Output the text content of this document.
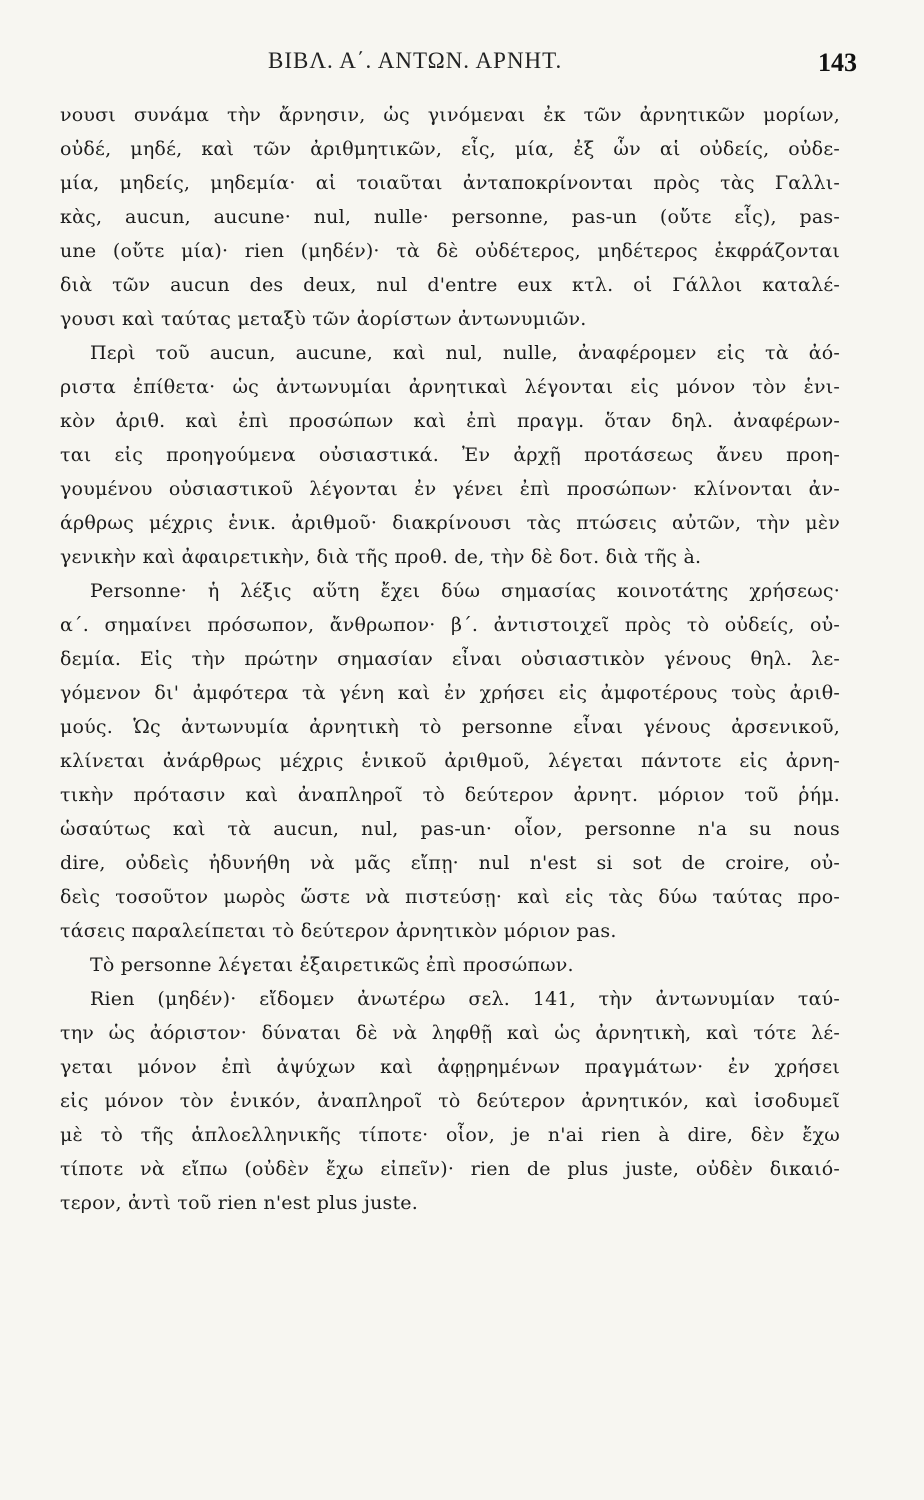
ΒΙΒΛ. Α΄. ΑΝΤΩΝ. ΑΡΝΗΤ.	143
νουσι συνάμα τὴν ἄρνησιν, ὡς γινόμεναι ἐκ τῶν ἀρνητικῶν μορίων,
οὐδέ, μηδέ, καὶ τῶν ἀριθμητικῶν, εἷς, μία, ἐξ ὧν αἱ οὐδείς, οὐδε-
μία, μηδείς, μηδεμία· αἱ τοιαῦται ἀνταποκρίνονται πρὸς τὰς Γαλλι-
κὰς, aucun, aucune· nul, nulle· personne, pas-un (οὔτε εἷς), pas-
une (οὔτε μία)· rien (μηδέν)· τὰ δὲ οὐδέτερος, μηδέτερος ἐκφράζονται
διὰ τῶν aucun des deux, nul d'entre eux κτλ. οἱ Γάλλοι καταλέ-
γουσι καὶ ταύτας μεταξὺ τῶν ἀορίστων ἀντωνυμιῶν.
Περὶ τοῦ aucun, aucune, καὶ nul, nulle, ἀναφέρομεν εἰς τὰ ἀό-
ριστα ἐπίθετα· ὡς ἀντωνυμίαι ἀρνητικαὶ λέγονται εἰς μόνον τὸν ἑνι-
κὸν ἀριθ. καὶ ἐπὶ προσώπων καὶ ἐπὶ πραγμ. ὅταν δηλ. ἀναφέρων-
ται εἰς προηγούμενα οὐσιαστικά. Ἐν ἀρχῇ προτάσεως ἄνευ προη-
γουμένου οὐσιαστικοῦ λέγονται ἐν γένει ἐπὶ προσώπων· κλίνονται ἀν-
άρθρως μέχρις ἑνικ. ἀριθμοῦ· διακρίνουσι τὰς πτώσεις αὐτῶν, τὴν μὲν
γενικὴν καὶ ἀφαιρετικὴν, διὰ τῆς προθ. de, τὴν δὲ δοτ. διὰ τῆς à.
Personne· ἡ λέξις αὕτη ἔχει δύω σημασίας κοινοτάτης χρήσεως·
α΄. σημαίνει πρόσωπον, ἄνθρωπον· β΄. ἀντιστοιχεῖ πρὸς τὸ οὐδείς, οὐ-
δεμία. Εἰς τὴν πρώτην σημασίαν εἶναι οὐσιαστικὸν γένους θηλ. λε-
γόμενον δι' ἀμφότερα τὰ γένη καὶ ἐν χρήσει εἰς ἀμφοτέρους τοὺς ἀριθ-
μούς. Ὡς ἀντωνυμία ἀρνητικὴ τὸ personne εἶναι γένους ἀρσενικοῦ,
κλίνεται ἀνάρθρως μέχρις ἑνικοῦ ἀριθμοῦ, λέγεται πάντοτε εἰς ἀρνη-
τικὴν πρότασιν καὶ ἀναπληροῖ τὸ δεύτερον ἀρνητ. μόριον τοῦ ῥήμ.
ὡσαύτως καὶ τὰ aucun, nul, pas-un· οἷον, personne n'a su nous
dire, οὐδεὶς ἠδυνήθη νὰ μᾶς εἴπῃ· nul n'est si sot de croire, οὐ-
δεὶς τοσοῦτον μωρὸς ὥστε νὰ πιστεύσῃ· καὶ εἰς τὰς δύω ταύτας προ-
τάσεις παραλείπεται τὸ δεύτερον ἀρνητικὸν μόριον pas.
Τὸ personne λέγεται ἐξαιρετικῶς ἐπὶ προσώπων.
Rien (μηδέν)· εἴδομεν ἀνωτέρω σελ. 141, τὴν ἀντωνυμίαν ταύ-
την ὡς ἀόριστον· δύναται δὲ νὰ ληφθῇ καὶ ὡς ἀρνητικὴ, καὶ τότε λέ-
γεται μόνον ἐπὶ ἀψύχων καὶ ἀφῃρημένων πραγμάτων· ἐν χρήσει
εἰς μόνον τὸν ἑνικόν, ἀναπληροῖ τὸ δεύτερον ἀρνητικόν, καὶ ἰσοδυμεῖ
μὲ τὸ τῆς ἁπλοελληνικῆς τίποτε· οἷον, je n'ai rien à dire, δὲν ἔχω
τίποτε νὰ εἴπω (οὐδὲν ἔχω εἰπεῖν)· rien de plus juste, οὐδὲν δικαιό-
τερον, ἀντὶ τοῦ rien n'est plus juste.
